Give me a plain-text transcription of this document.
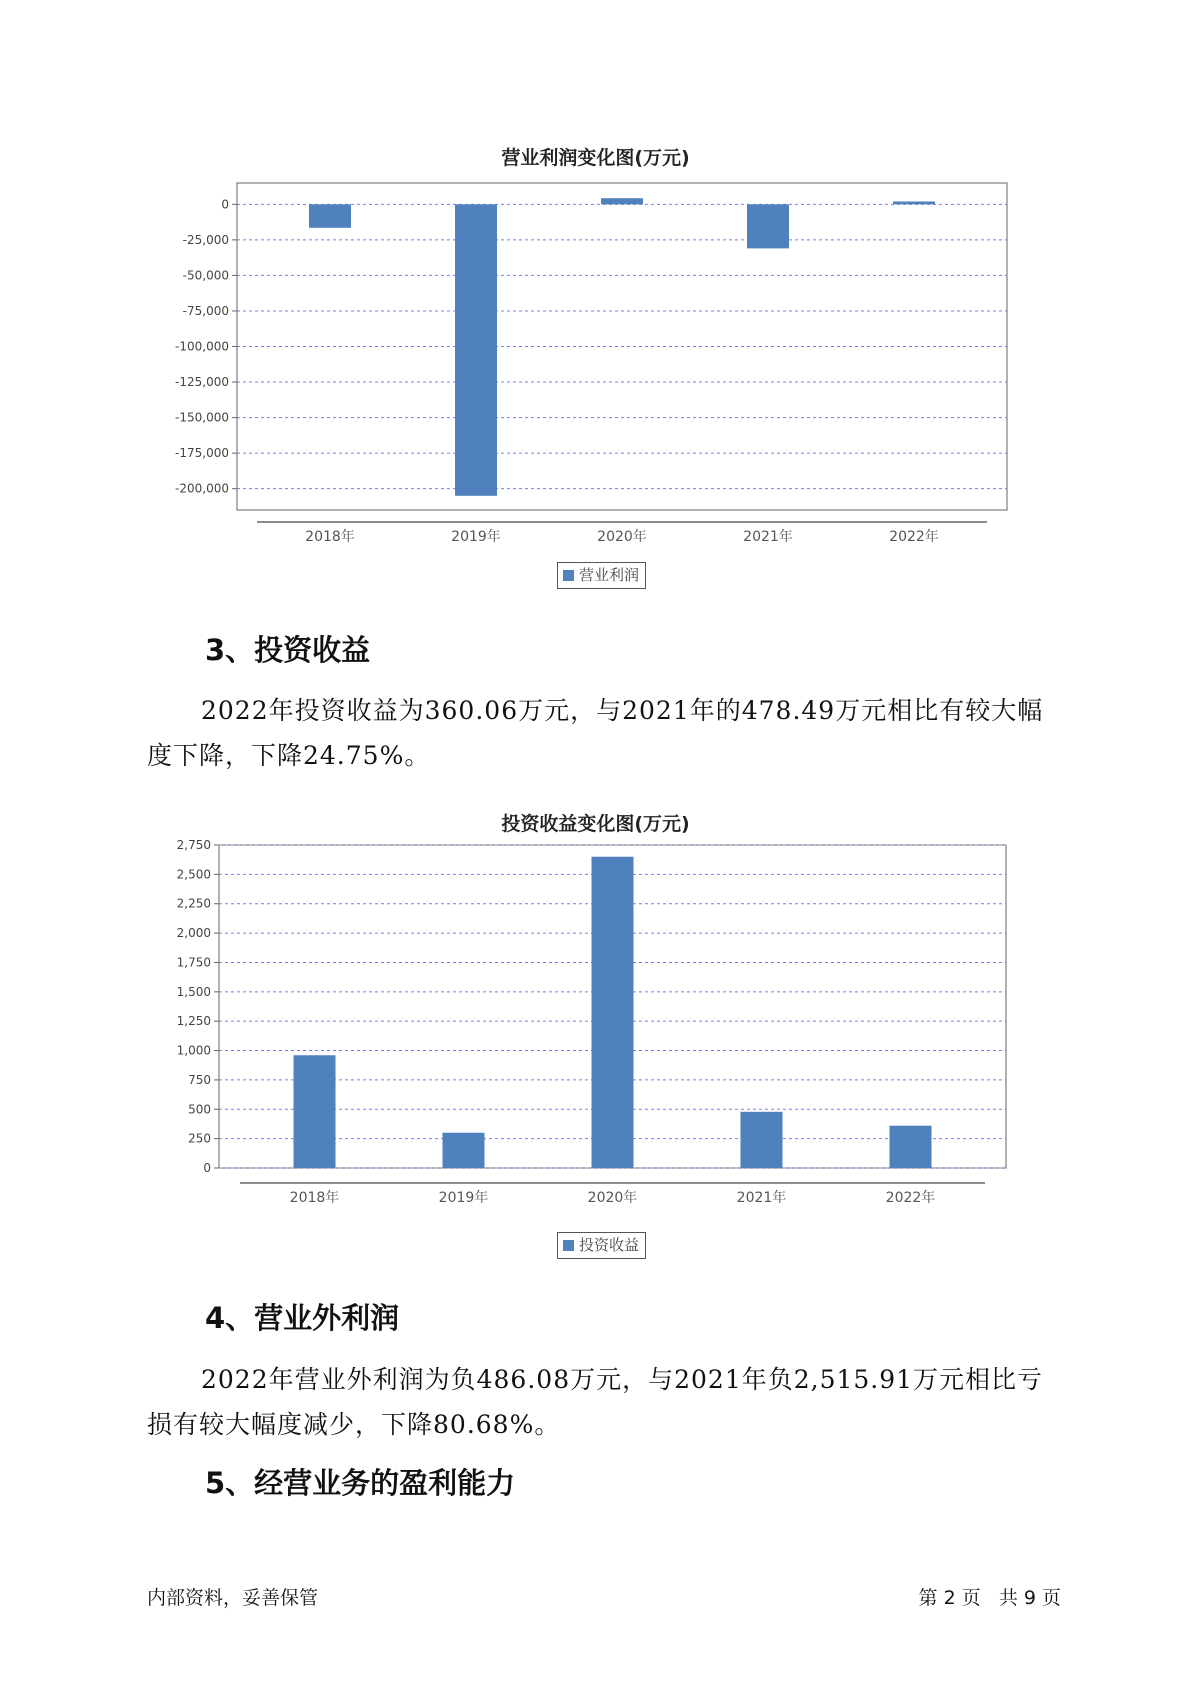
营业利润变化图(万元)
0
-25,000
-50,000
-75,000
-100,000
-125,000
-150,000
-175,000
-200,000
2018年	2019年	2020年	2021年	2022年
营业利润
3、投资收益

2022年投资收益为360.06万元，与2021年的478.49万元相比有较大幅度下降，下降24.75%。

投资收益变化图(万元)
0
250
500
750
1,000
1,250
1,500
1,750
2,000
2,250
2,500
2,750
2018年	2019年	2020年	2021年	2022年
投资收益
4、营业外利润

2022年营业外利润为负486.08万元，与2021年负2,515.91万元相比亏损有较大幅度减少，下降80.68%。

5、经营业务的盈利能力
内部资料，妥善保管	第 2 页   共 9 页
